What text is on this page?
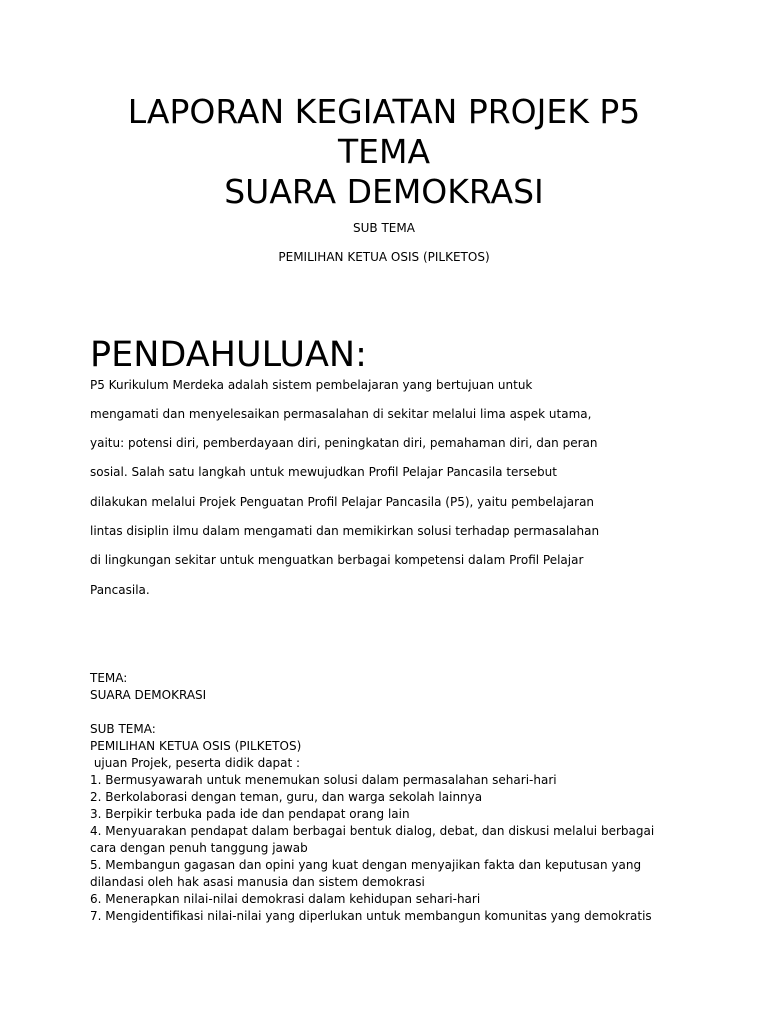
LAPORAN KEGIATAN PROJEK P5
TEMA
SUARA DEMOKRASI
SUB TEMA
PEMILIHAN KETUA OSIS (PILKETOS)
PENDAHULUAN:
P5 Kurikulum Merdeka adalah sistem pembelajaran yang bertujuan untuk
mengamati dan menyelesaikan permasalahan di sekitar melalui lima aspek utama,
yaitu: potensi diri, pemberdayaan diri, peningkatan diri, pemahaman diri, dan peran
sosial. Salah satu langkah untuk mewujudkan Profil Pelajar Pancasila tersebut
dilakukan melalui Projek Penguatan Profil Pelajar Pancasila (P5), yaitu pembelajaran
lintas disiplin ilmu dalam mengamati dan memikirkan solusi terhadap permasalahan
di lingkungan sekitar untuk menguatkan berbagai kompetensi dalam Profil Pelajar
Pancasila.
TEMA:
SUARA DEMOKRASI
SUB TEMA:
PEMILIHAN KETUA OSIS (PILKETOS)
ujuan Projek, peserta didik dapat :
1. Bermusyawarah untuk menemukan solusi dalam permasalahan sehari-hari
2. Berkolaborasi dengan teman, guru, dan warga sekolah lainnya
3. Berpikir terbuka pada ide dan pendapat orang lain
4. Menyuarakan pendapat dalam berbagai bentuk dialog, debat, dan diskusi melalui berbagai cara dengan penuh tanggung jawab
5. Membangun gagasan dan opini yang kuat dengan menyajikan fakta dan keputusan yang dilandasi oleh hak asasi manusia dan sistem demokrasi
6. Menerapkan nilai-nilai demokrasi dalam kehidupan sehari-hari
7. Mengidentifikasi nilai-nilai yang diperlukan untuk membangun komunitas yang demokratis
